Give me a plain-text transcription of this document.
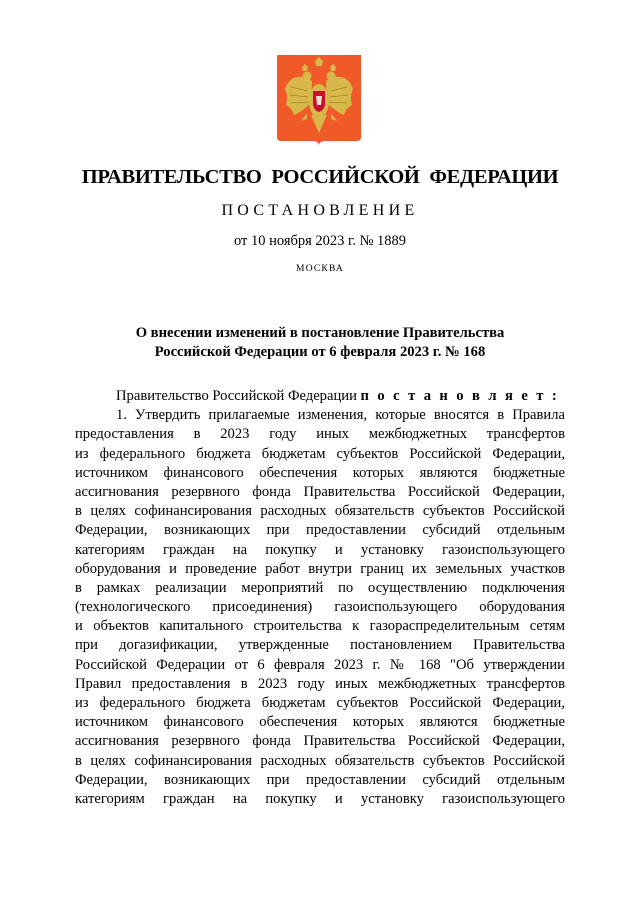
ПРАВИТЕЛЬСТВО РОССИЙСКОЙ ФЕДЕРАЦИИ
ПОСТАНОВЛЕНИЕ
от 10 ноября 2023 г. № 1889
МОСКВА
О внесении изменений в постановление Правительства
Российской Федерации от 6 февраля 2023 г. № 168
Правительство Российской Федерации п о с т а н о в л я е т :
1. Утвердить прилагаемые изменения, которые вносятся в Правила
предоставления в 2023 году иных межбюджетных трансфертов
из федерального бюджета бюджетам субъектов Российской Федерации,
источником финансового обеспечения которых являются бюджетные
ассигнования резервного фонда Правительства Российской Федерации,
в целях софинансирования расходных обязательств субъектов Российской
Федерации, возникающих при предоставлении субсидий отдельным
категориям граждан на покупку и установку газоиспользующего
оборудования и проведение работ внутри границ их земельных участков
в рамках реализации мероприятий по осуществлению подключения
(технологического присоединения) газоиспользующего оборудования
и объектов капитального строительства к газораспределительным сетям
при догазификации, утвержденные постановлением Правительства
Российской Федерации от 6 февраля 2023 г. № 168 "Об утверждении
Правил предоставления в 2023 году иных межбюджетных трансфертов
из федерального бюджета бюджетам субъектов Российской Федерации,
источником финансового обеспечения которых являются бюджетные
ассигнования резервного фонда Правительства Российской Федерации,
в целях софинансирования расходных обязательств субъектов Российской
Федерации, возникающих при предоставлении субсидий отдельным
категориям граждан на покупку и установку газоиспользующего
